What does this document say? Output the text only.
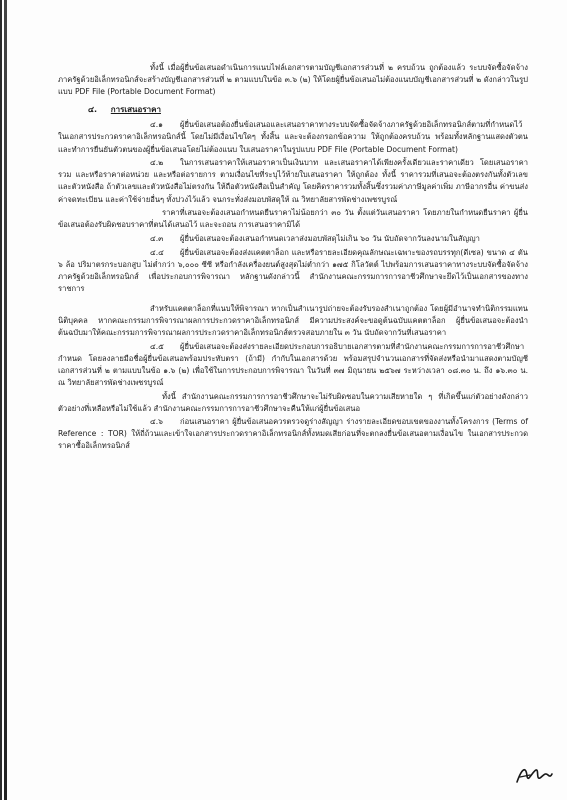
ทั้งนี้ เมื่อผู้ยื่นข้อเสนอดำเนินการแนบไฟล์เอกสารตามบัญชีเอกสารส่วนที่ ๒ ครบถ้วน ถูกต้องแล้ว ระบบจัดซื้อจัดจ้างภาครัฐด้วยอิเล็กทรอนิกส์จะสร้างบัญชีเอกสารส่วนที่ ๒ ตามแบบในข้อ ๓.๖ (๒) ให้โดยผู้ยื่นข้อเสนอไม่ต้องแนบบัญชีเอกสารส่วนที่ ๒ ดังกล่าวในรูปแบบ PDF File (Portable Document Format)

๔. การเสนอราคา

๔.๑ ผู้ยื่นข้อเสนอต้องยื่นข้อเสนอและเสนอราคาทางระบบจัดซื้อจัดจ้างภาครัฐด้วยอิเล็กทรอนิกส์ตามที่กำหนดไว้ในเอกสารประกวดราคาอิเล็กทรอนิกส์นี้ โดยไม่มีเงื่อนไขใดๆ ทั้งสิ้น และจะต้องกรอกข้อความ ให้ถูกต้องครบถ้วน พร้อมทั้งหลักฐานแสดงตัวตนและทำการยืนยันตัวตนของผู้ยื่นข้อเสนอโดยไม่ต้องแนบ ใบเสนอราคาในรูปแบบ PDF File (Portable Document Format)

๔.๒ ในการเสนอราคาให้เสนอราคาเป็นเงินบาท และเสนอราคาได้เพียงครั้งเดียวและราคาเดียว โดยเสนอราคารวม และหรือราคาต่อหน่วย และหรือต่อรายการ ตามเงื่อนไขที่ระบุไว้ท้ายใบเสนอราคา ให้ถูกต้อง ทั้งนี้ ราคารวมที่เสนอจะต้องตรงกันทั้งตัวเลขและตัวหนังสือ ถ้าตัวเลขและตัวหนังสือไม่ตรงกัน ให้ถือตัวหนังสือเป็นสำคัญ โดยคิดราคารวมทั้งสิ้นซึ่งรวมค่าภาษีมูลค่าเพิ่ม ภาษีอากรอื่น ค่าขนส่ง ค่าจดทะเบียน และค่าใช้จ่ายอื่นๆ ทั้งปวงไว้แล้ว จนกระทั่งส่งมอบพัสดุให้ ณ วิทยาลัยสารพัดช่างเพชรบูรณ์

ราคาที่เสนอจะต้องเสนอกำหนดยืนราคาไม่น้อยกว่า ๓๐ วัน ตั้งแต่วันเสนอราคา โดยภายในกำหนดยืนราคา ผู้ยื่นข้อเสนอต้องรับผิดชอบราคาที่ตนได้เสนอไว้ และจะถอน การเสนอราคามิได้

๔.๓ ผู้ยื่นข้อเสนอจะต้องเสนอกำหนดเวลาส่งมอบพัสดุไม่เกิน ๖๐ วัน นับถัดจากวันลงนามในสัญญา

๔.๔ ผู้ยื่นข้อเสนอจะต้องส่งแคตตาล็อก และหรือรายละเอียดคุณลักษณะเฉพาะของรถบรรทุก(ดีเซล) ขนาด ๔ ตัน ๖ ล้อ ปริมาตรกระบอกสูบ ไม่ต่ำกว่า ๖,๐๐๐ ซีซี หรือกำลังเครื่องยนต์สูงสุดไม่ต่ำกว่า ๑๗๕ กิโลวัตต์ ไปพร้อมการเสนอราคาทางระบบจัดซื้อจัดจ้างภาครัฐด้วยอิเล็กทรอนิกส์ เพื่อประกอบการพิจารณา หลักฐานดังกล่าวนี้ สำนักงานคณะกรรมการการอาชีวศึกษาจะยึดไว้เป็นเอกสารของทางราชการ

สำหรับแคตตาล็อกที่แนบให้พิจารณา หากเป็นสำเนารูปถ่ายจะต้องรับรองสำเนาถูกต้อง โดยผู้มีอำนาจทำนิติกรรมแทนนิติบุคคล หากคณะกรรมการพิจารณาผลการประกวดราคาอิเล็กทรอนิกส์ มีความประสงค์จะขอดูต้นฉบับแคตตาล็อก ผู้ยื่นข้อเสนอจะต้องนำต้นฉบับมาให้คณะกรรมการพิจารณาผลการประกวดราคาอิเล็กทรอนิกส์ตรวจสอบภายใน ๓ วัน นับถัดจากวันที่เสนอราคา

๔.๕ ผู้ยื่นข้อเสนอจะต้องส่งรายละเอียดประกอบการอธิบายเอกสารตามที่สำนักงานคณะกรรมการการอาชีวศึกษากำหนด โดยลงลายมือชื่อผู้ยื่นข้อเสนอพร้อมประทับตรา (ถ้ามี) กำกับในเอกสารด้วย พร้อมสรุปจำนวนเอกสารที่จัดส่งหรือนำมาแสดงตามบัญชีเอกสารส่วนที่ ๒ ตามแบบในข้อ ๑.๖ (๒) เพื่อใช้ในการประกอบการพิจารณา ในวันที่ ๓๗ มิถุนายน ๒๕๖๗ ระหว่างเวลา ๐๘.๓๐ น. ถึง ๑๖.๓๐ น. ณ วิทยาลัยสารพัดช่างเพชรบูรณ์

ทั้งนี้ สำนักงานคณะกรรมการการอาชีวศึกษาจะไม่รับผิดชอบในความเสียหายใด ๆ ที่เกิดขึ้นแก่ตัวอย่างดังกล่าว ตัวอย่างที่เหลือหรือไม่ใช้แล้ว สำนักงานคณะกรรมการการอาชีวศึกษาจะคืนให้แก่ผู้ยื่นข้อเสนอ

๔.๖ ก่อนเสนอราคา ผู้ยื่นข้อเสนอควรตรวจดูร่างสัญญา ร่างรายละเอียดขอบเขตของงานทั้งโครงการ (Terms of Reference : TOR) ให้ถี่ถ้วนและเข้าใจเอกสารประกวดราคาอิเล็กทรอนิกส์ทั้งหมดเสียก่อนที่จะตกลงยื่นข้อเสนอตามเงื่อนไข ในเอกสารประกวดราคาซื้ออิเล็กทรอนิกส์
